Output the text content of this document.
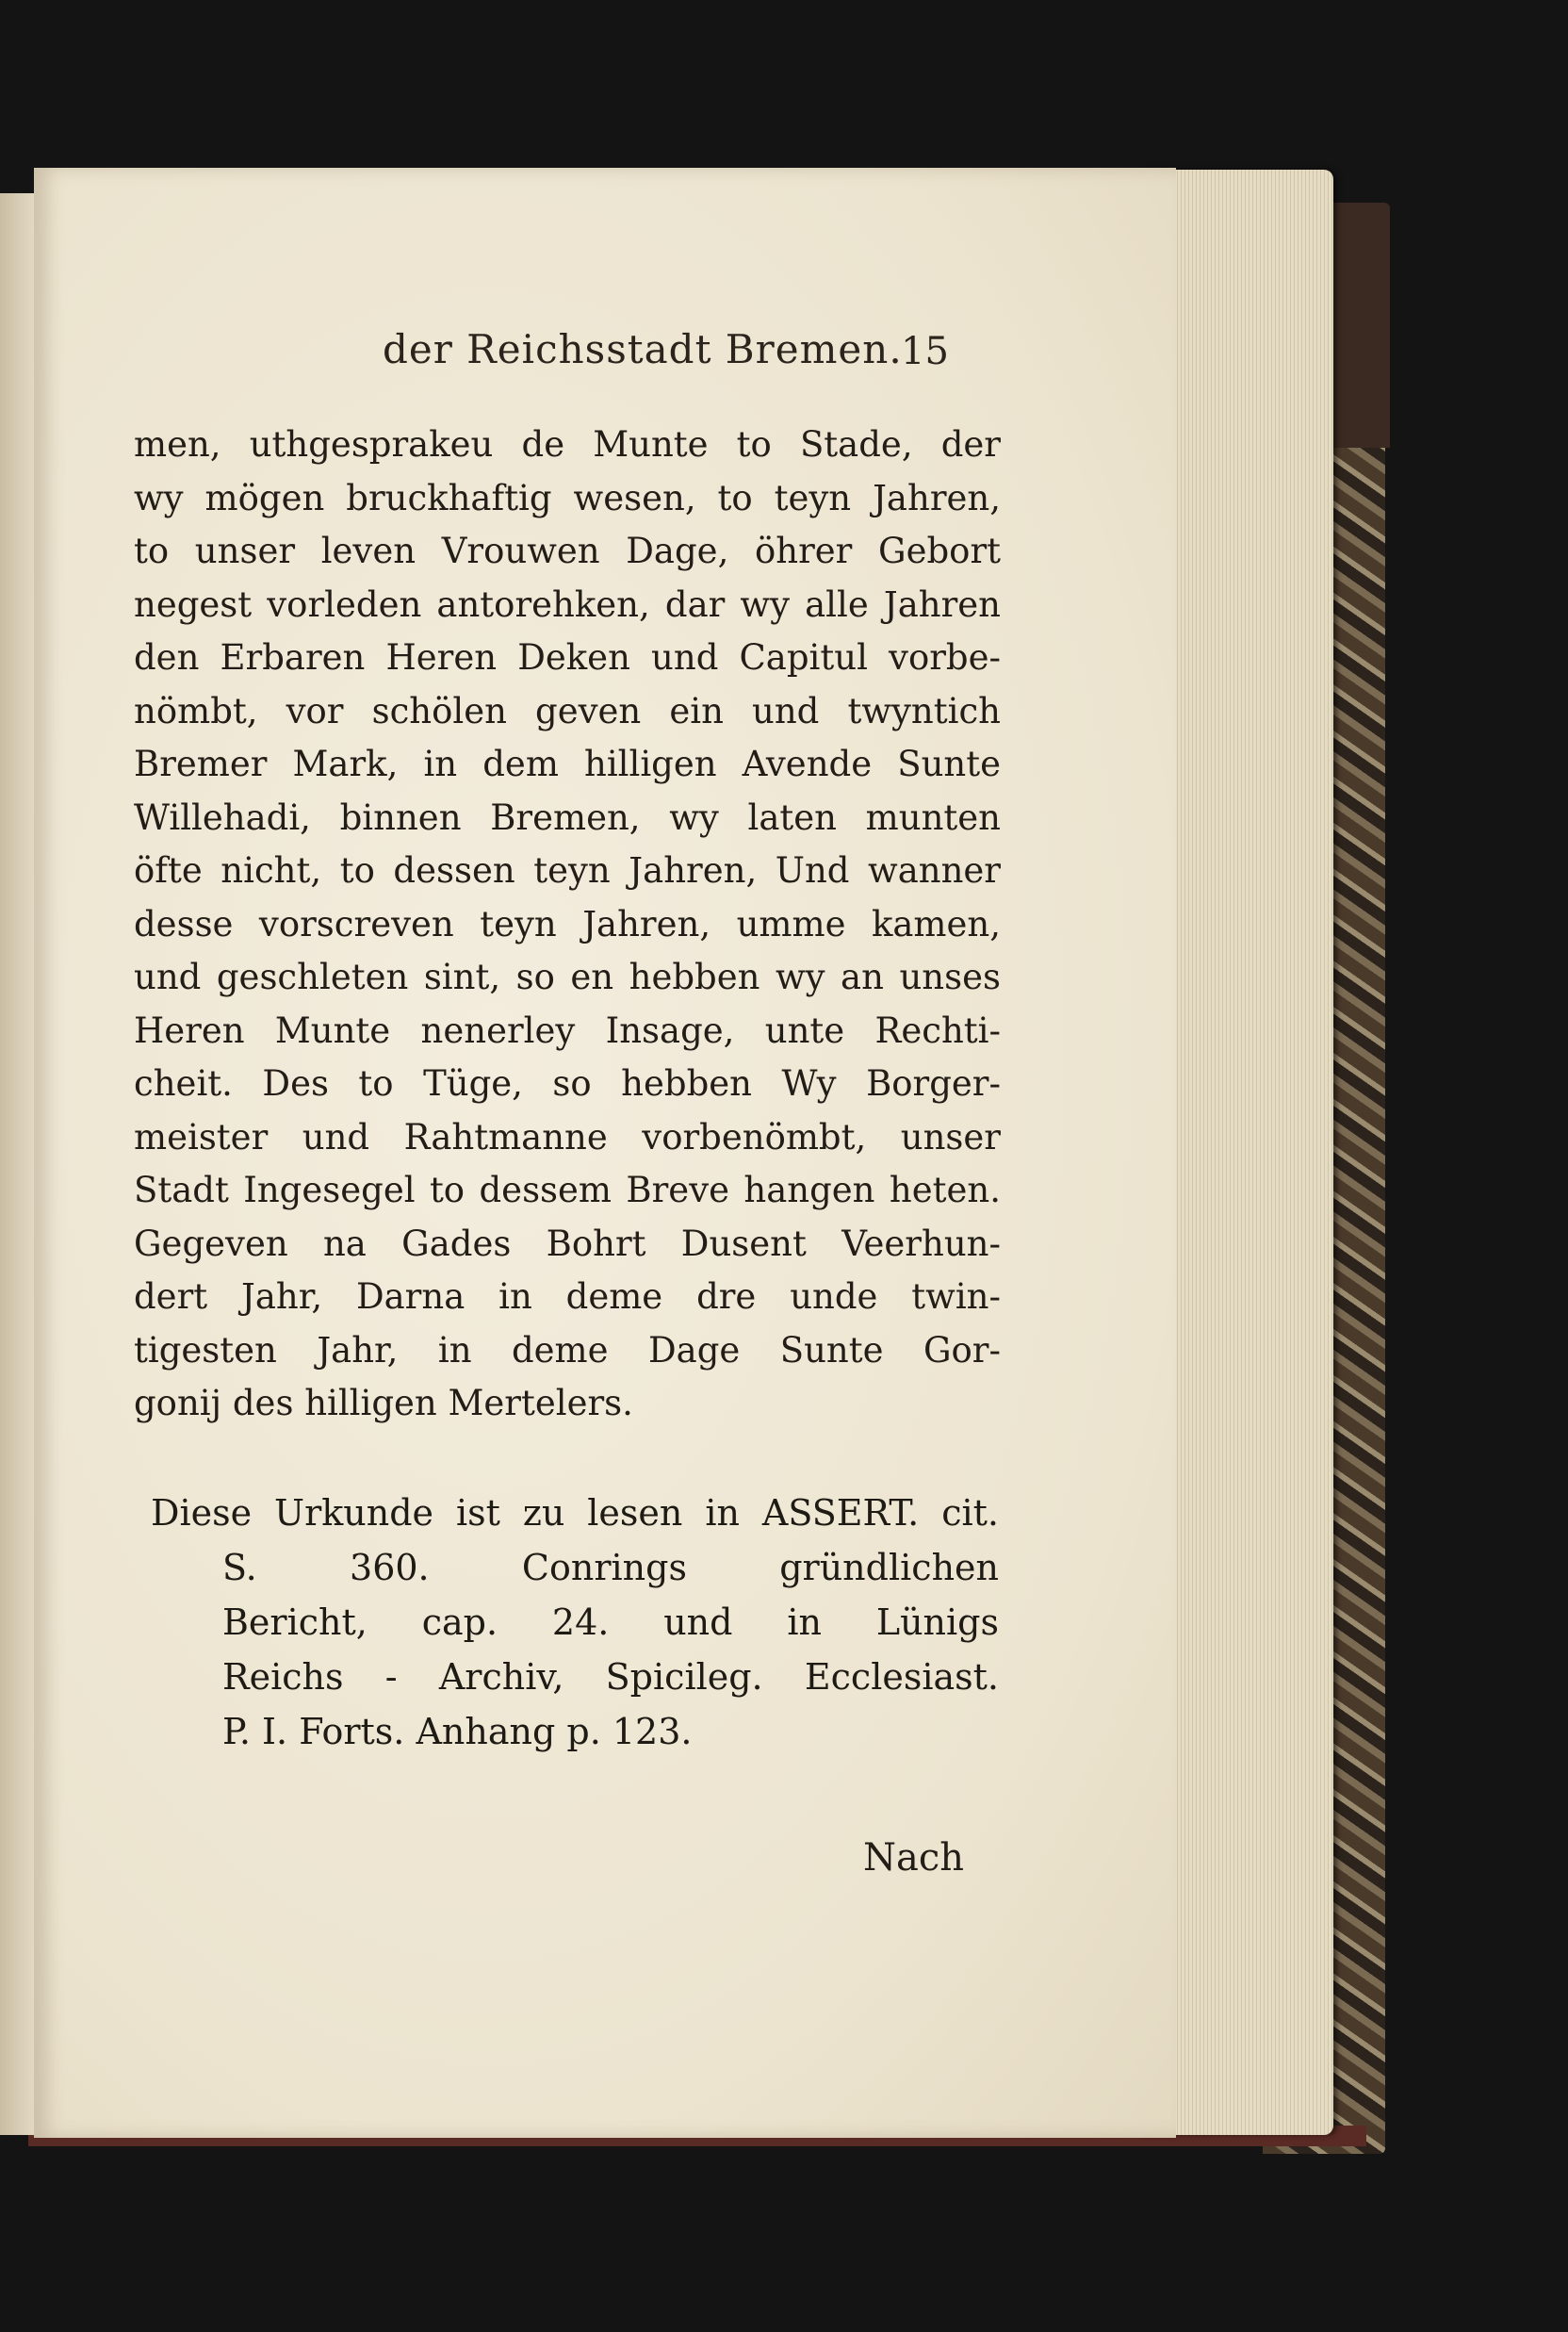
der Reichsstadt Bremen.
15
men, uthgesprakeu de Munte to Stade, der
wy mögen bruckhaftig wesen, to teyn Jahren,
to unser leven Vrouwen Dage, öhrer Gebort
negest vorleden antorehken, dar wy alle Jahren
den Erbaren Heren Deken und Capitul vorbe-
nömbt, vor schölen geven ein und twyntich
Bremer Mark, in dem hilligen Avende Sunte
Willehadi, binnen Bremen, wy laten munten
öfte nicht, to dessen teyn Jahren, Und wanner
desse vorscreven teyn Jahren, umme kamen,
und geschleten sint, so en hebben wy an unses
Heren Munte nenerley Insage, unte Rechti-
cheit. Des to Tüge, so hebben Wy Borger-
meister und Rahtmanne vorbenömbt, unser
Stadt Ingesegel to dessem Breve hangen heten.
Gegeven na Gades Bohrt Dusent Veerhun-
dert Jahr, Darna in deme dre unde twin-
tigesten Jahr, in deme Dage Sunte Gor-
gonij des hilligen Mertelers.
Diese Urkunde ist zu lesen in ASSERT. cit.
S. 360. Conrings gründlichen
Bericht, cap. 24. und in Lünigs
Reichs - Archiv, Spicileg. Ecclesiast.
P. I. Forts. Anhang p. 123.
Nach
